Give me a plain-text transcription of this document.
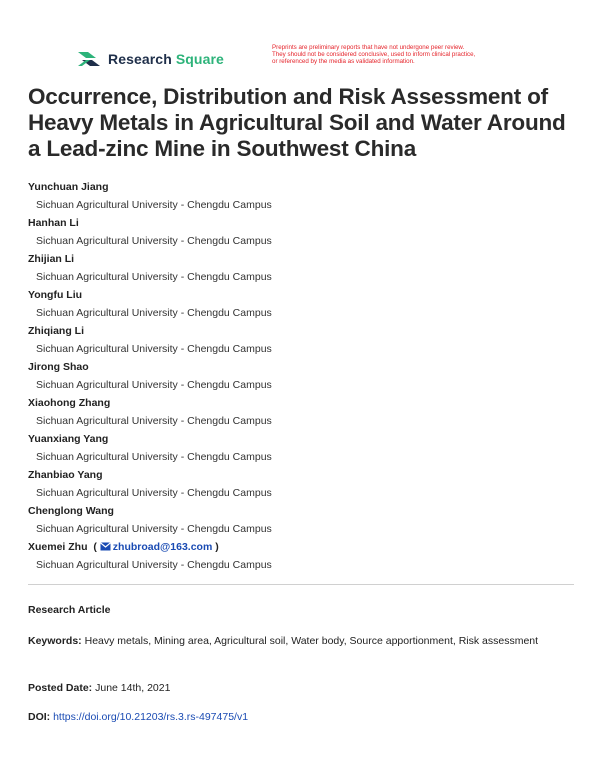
Research Square
Preprints are preliminary reports that have not undergone peer review.
They should not be considered conclusive, used to inform clinical practice,
or referenced by the media as validated information.
Occurrence, Distribution and Risk Assessment of Heavy Metals in Agricultural Soil and Water Around a Lead-zinc Mine in Southwest China
Yunchuan Jiang
Sichuan Agricultural University - Chengdu Campus
Hanhan Li
Sichuan Agricultural University - Chengdu Campus
Zhijian Li
Sichuan Agricultural University - Chengdu Campus
Yongfu Liu
Sichuan Agricultural University - Chengdu Campus
Zhiqiang Li
Sichuan Agricultural University - Chengdu Campus
Jirong Shao
Sichuan Agricultural University - Chengdu Campus
Xiaohong Zhang
Sichuan Agricultural University - Chengdu Campus
Yuanxiang Yang
Sichuan Agricultural University - Chengdu Campus
Zhanbiao Yang
Sichuan Agricultural University - Chengdu Campus
Chenglong Wang
Sichuan Agricultural University - Chengdu Campus
Xuemei Zhu  ( zhubroad@163.com )
Sichuan Agricultural University - Chengdu Campus
Research Article
Keywords: Heavy metals, Mining area, Agricultural soil, Water body, Source apportionment, Risk assessment
Posted Date: June 14th, 2021
DOI: https://doi.org/10.21203/rs.3.rs-497475/v1
